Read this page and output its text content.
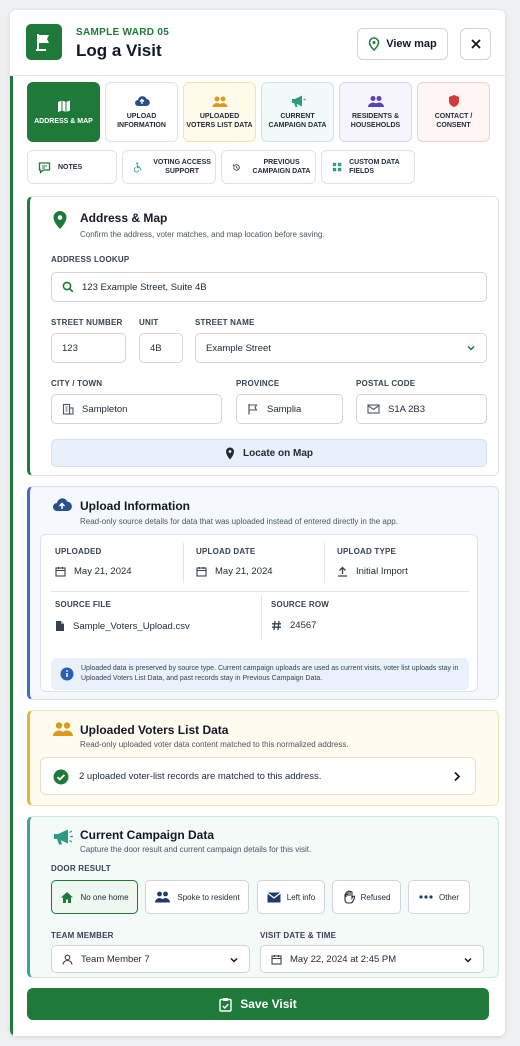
SAMPLE WARD 05
Log a Visit	View map
ADDRESS & MAP
UPLOAD INFORMATION
UPLOADED VOTERS LIST DATA
CURRENT CAMPAIGN DATA
RESIDENTS & HOUSEHOLDS
CONTACT / CONSENT
NOTES
VOTING ACCESS SUPPORT
PREVIOUS CAMPAIGN DATA
CUSTOM DATA FIELDS
Address & Map
Confirm the address, voter matches, and map location before saving.
ADDRESS LOOKUP
123 Example Street, Suite 4B
STREET NUMBER
123
UNIT
4B
STREET NAME
Example Street
CITY / TOWN
Sampleton
PROVINCE
Samplia
POSTAL CODE
S1A 2B3
Locate on Map
Upload Information
Read-only source details for data that was uploaded instead of entered directly in the app.
UPLOADED
May 21, 2024
UPLOAD DATE
May 21, 2024
UPLOAD TYPE
Initial Import
SOURCE FILE
Sample_Voters_Upload.csv
SOURCE ROW
24567
Uploaded data is preserved by source type. Current campaign uploads are used as current visits, voter list uploads stay in Uploaded Voters List Data, and past records stay in Previous Campaign Data.
Uploaded Voters List Data
Read-only uploaded voter data content matched to this normalized address.
2 uploaded voter-list records are matched to this address.
Current Campaign Data
Capture the door result and current campaign details for this visit.
DOOR RESULT
No one home	Spoke to resident	Left info	Refused	Other
TEAM MEMBER
Team Member 7
VISIT DATE & TIME
May 22, 2024 at 2:45 PM
Save Visit
